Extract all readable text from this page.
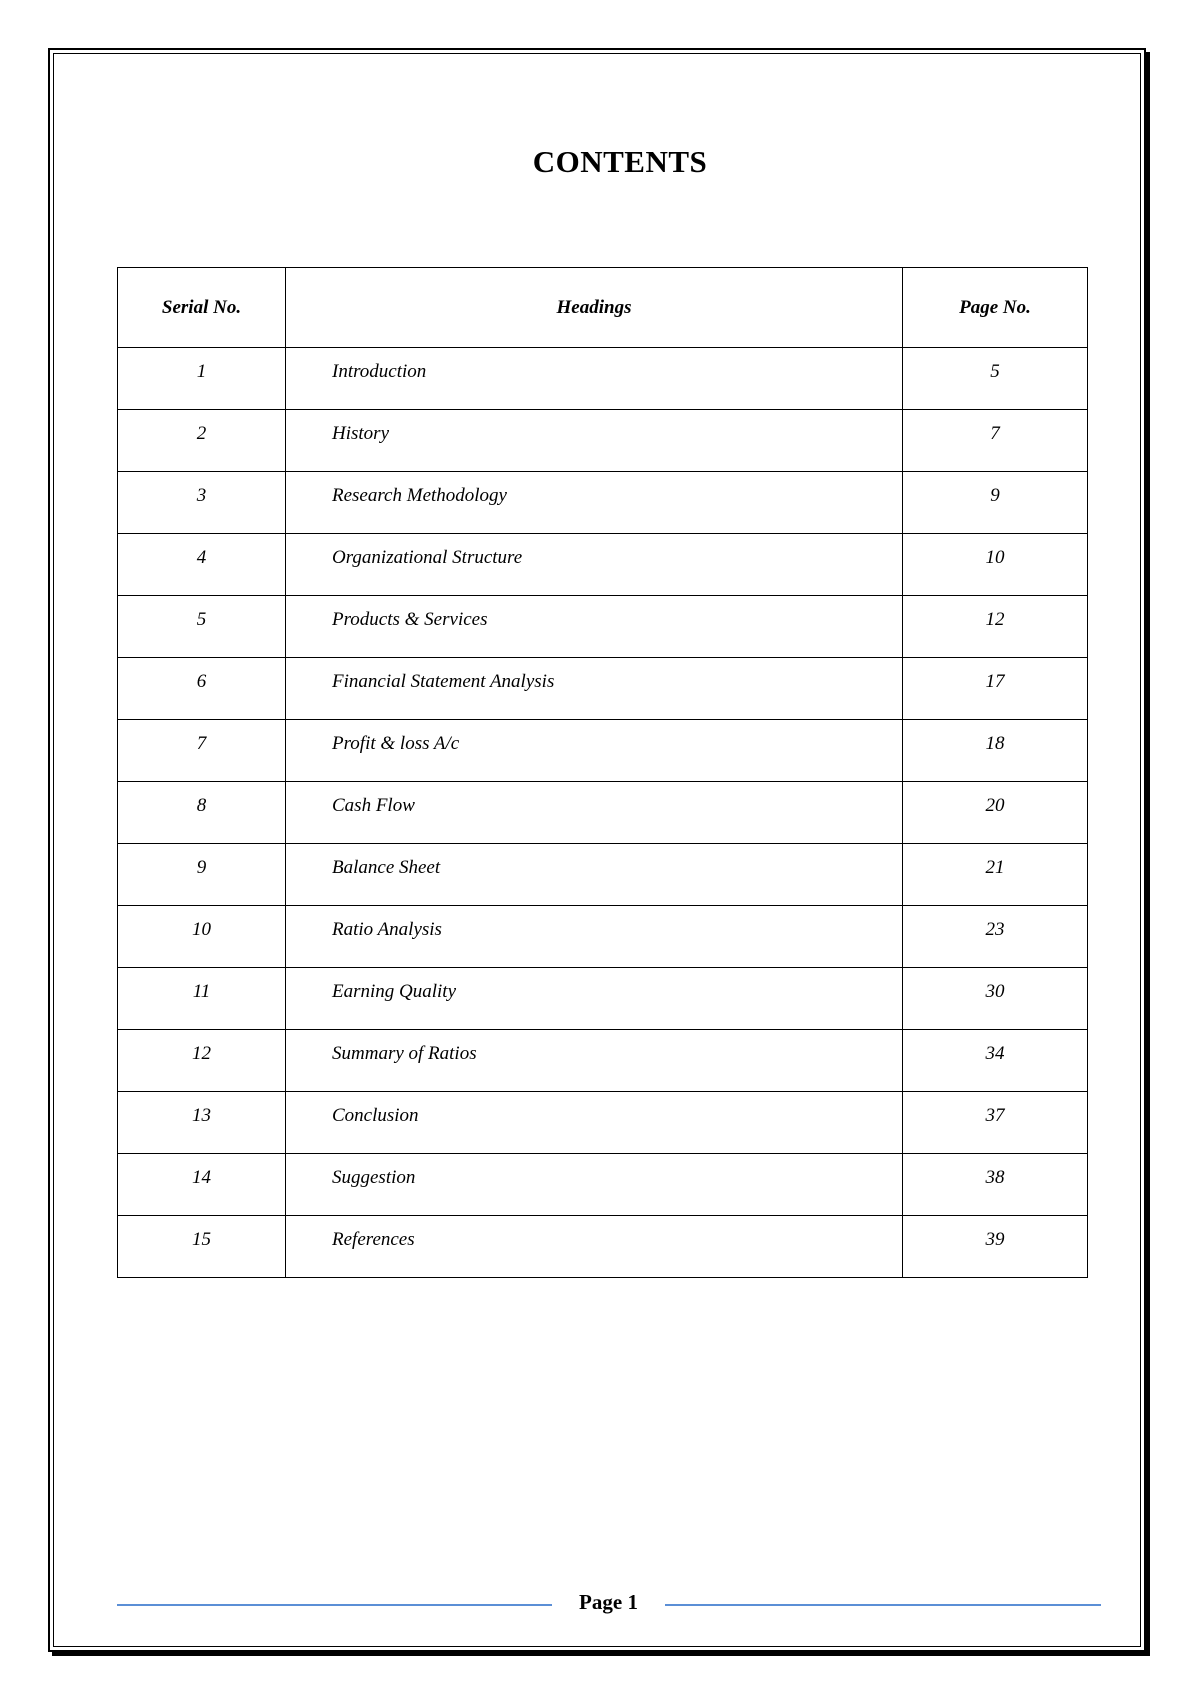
CONTENTS
Serial No.	Headings	Page No.
1	Introduction	5
2	History	7
3	Research Methodology	9
4	Organizational Structure	10
5	Products & Services	12
6	Financial Statement Analysis	17
7	Profit & loss A/c	18
8	Cash Flow	20
9	Balance Sheet	21
10	Ratio Analysis	23
11	Earning Quality	30
12	Summary of Ratios	34
13	Conclusion	37
14	Suggestion	38
15	References	39
Page 1
